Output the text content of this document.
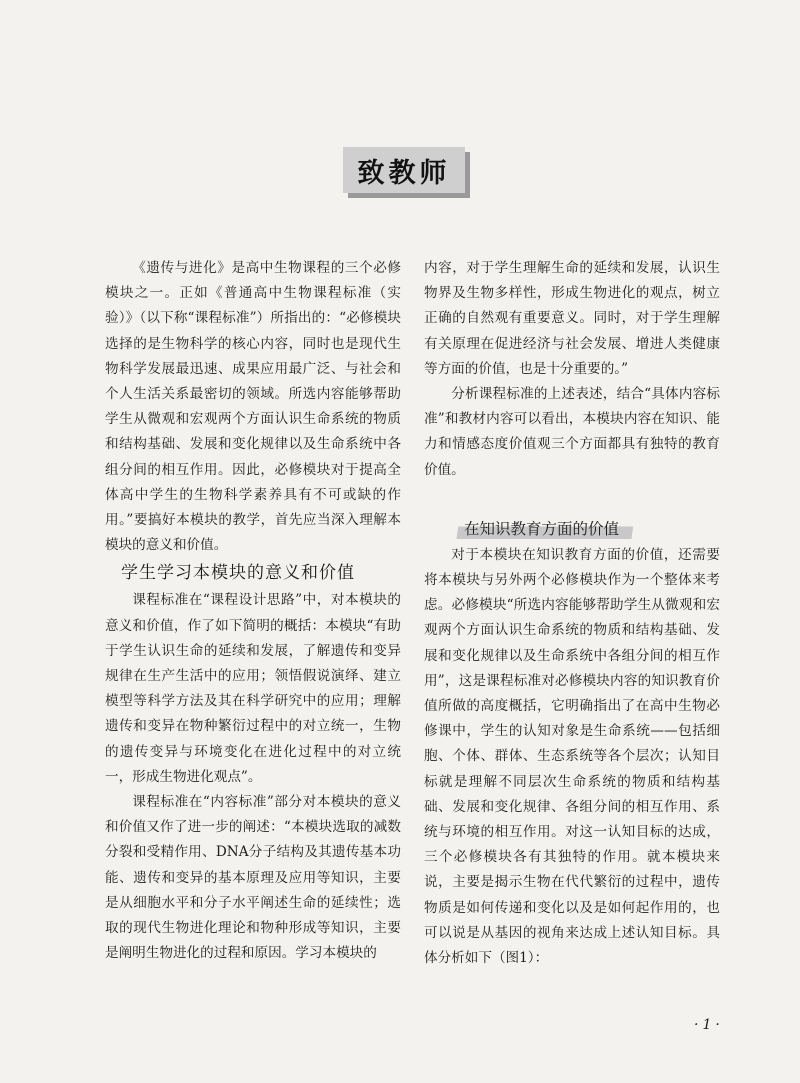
致教师

《遗传与进化》是高中生物课程的三个必修模块之一。正如《普通高中生物课程标准（实验）》（以下称“课程标准”）所指出的：“必修模块选择的是生物科学的核心内容，同时也是现代生物科学发展最迅速、成果应用最广泛、与社会和个人生活关系最密切的领域。所选内容能够帮助学生从微观和宏观两个方面认识生命系统的物质和结构基础、发展和变化规律以及生命系统中各组分间的相互作用。因此，必修模块对于提高全体高中学生的生物科学素养具有不可或缺的作用。”要搞好本模块的教学，首先应当深入理解本模块的意义和价值。

学生学习本模块的意义和价值

课程标准在“课程设计思路”中，对本模块的意义和价值，作了如下简明的概括：本模块“有助于学生认识生命的延续和发展，了解遗传和变异规律在生产生活中的应用；领悟假说演绎、建立模型等科学方法及其在科学研究中的应用；理解遗传和变异在物种繁衍过程中的对立统一，生物的遗传变异与环境变化在进化过程中的对立统一，形成生物进化观点”。

课程标准在“内容标准”部分对本模块的意义和价值又作了进一步的阐述：“本模块选取的减数分裂和受精作用、DNA分子结构及其遗传基本功能、遗传和变异的基本原理及应用等知识，主要是从细胞水平和分子水平阐述生命的延续性；选取的现代生物进化理论和物种形成等知识，主要是阐明生物进化的过程和原因。学习本模块的

内容，对于学生理解生命的延续和发展，认识生物界及生物多样性，形成生物进化的观点，树立正确的自然观有重要意义。同时，对于学生理解有关原理在促进经济与社会发展、增进人类健康等方面的价值，也是十分重要的。”

分析课程标准的上述表述，结合“具体内容标准”和教材内容可以看出，本模块内容在知识、能力和情感态度价值观三个方面都具有独特的教育价值。

在知识教育方面的价值

对于本模块在知识教育方面的价值，还需要将本模块与另外两个必修模块作为一个整体来考虑。必修模块“所选内容能够帮助学生从微观和宏观两个方面认识生命系统的物质和结构基础、发展和变化规律以及生命系统中各组分间的相互作用”，这是课程标准对必修模块内容的知识教育价值所做的高度概括，它明确指出了在高中生物必修课中，学生的认知对象是生命系统——包括细胞、个体、群体、生态系统等各个层次；认知目标就是理解不同层次生命系统的物质和结构基础、发展和变化规律、各组分间的相互作用、系统与环境的相互作用。对这一认知目标的达成，三个必修模块各有其独特的作用。就本模块来说，主要是揭示生物在代代繁衍的过程中，遗传物质是如何传递和变化以及是如何起作用的，也可以说是从基因的视角来达成上述认知目标。具体分析如下（图1）：

·1·
